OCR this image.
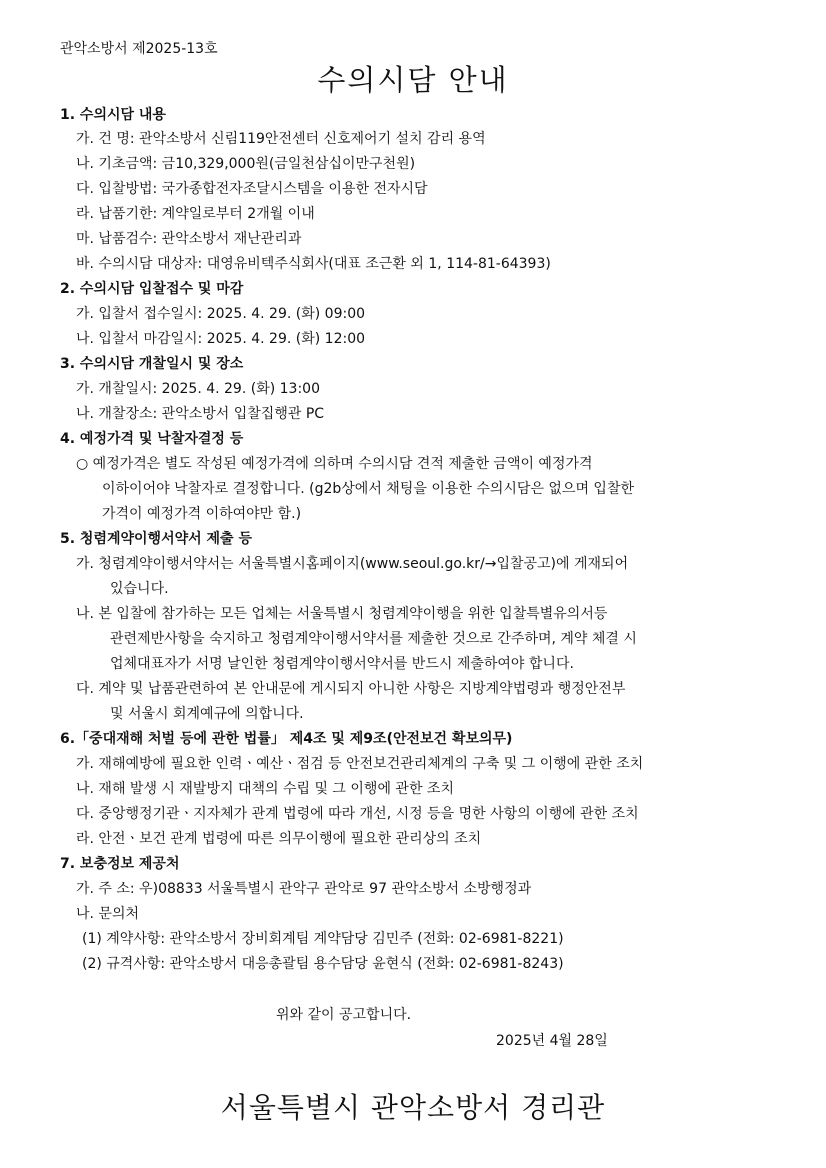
관악소방서 제2025-13호
수의시담 안내
1. 수의시담 내용
가. 건 명: 관악소방서 신림119안전센터 신호제어기 설치 감리 용역
나. 기초금액: 금10,329,000원(금일천삼십이만구천원)
다. 입찰방법: 국가종합전자조달시스템을 이용한 전자시담
라. 납품기한: 계약일로부터 2개월 이내
마. 납품검수: 관악소방서 재난관리과
바. 수의시담 대상자: 대영유비텍주식회사(대표 조근환 외 1, 114-81-64393)
2. 수의시담 입찰접수 및 마감
가. 입찰서 접수일시: 2025. 4. 29. (화) 09:00
나. 입찰서 마감일시: 2025. 4. 29. (화) 12:00
3. 수의시담 개찰일시 및 장소
가. 개찰일시: 2025. 4. 29. (화) 13:00
나. 개찰장소: 관악소방서 입찰집행관 PC
4. 예정가격 및 낙찰자결정 등
○ 예정가격은 별도 작성된 예정가격에 의하며 수의시담 견적 제출한 금액이 예정가격
이하이어야 낙찰자로 결정합니다. (g2b상에서 채팅을 이용한 수의시담은 없으며 입찰한
가격이 예정가격 이하여야만 함.)
5. 청렴계약이행서약서 제출 등
가. 청렴계약이행서약서는 서울특별시홈페이지(www.seoul.go.kr/→입찰공고)에 게재되어
있습니다.
나. 본 입찰에 참가하는 모든 업체는 서울특별시 청렴계약이행을 위한 입찰특별유의서등
관련제반사항을 숙지하고 청렴계약이행서약서를 제출한 것으로 간주하며, 계약 체결 시
업체대표자가 서명 날인한 청렴계약이행서약서를 반드시 제출하여야 합니다.
다. 계약 및 납품관련하여 본 안내문에 게시되지 아니한 사항은 지방계약법령과 행정안전부
및 서울시 회계예규에 의합니다.
6.「중대재해 처벌 등에 관한 법률」 제4조 및 제9조(안전보건 확보의무)
가. 재해예방에 필요한 인력ㆍ예산ㆍ점검 등 안전보건관리체계의 구축 및 그 이행에 관한 조치
나. 재해 발생 시 재발방지 대책의 수립 및 그 이행에 관한 조치
다. 중앙행정기관ㆍ지자체가 관계 법령에 따라 개선, 시정 등을 명한 사항의 이행에 관한 조치
라. 안전ㆍ보건 관계 법령에 따른 의무이행에 필요한 관리상의 조치
7. 보충정보 제공처
가. 주 소: 우)08833 서울특별시 관악구 관악로 97 관악소방서 소방행정과
나. 문의처
(1) 계약사항: 관악소방서 장비회계팀 계약담당 김민주 (전화: 02-6981-8221)
(2) 규격사항: 관악소방서 대응총괄팀 용수담당 윤현식 (전화: 02-6981-8243)
위와 같이 공고합니다.
2025년 4월 28일
서울특별시 관악소방서 경리관
